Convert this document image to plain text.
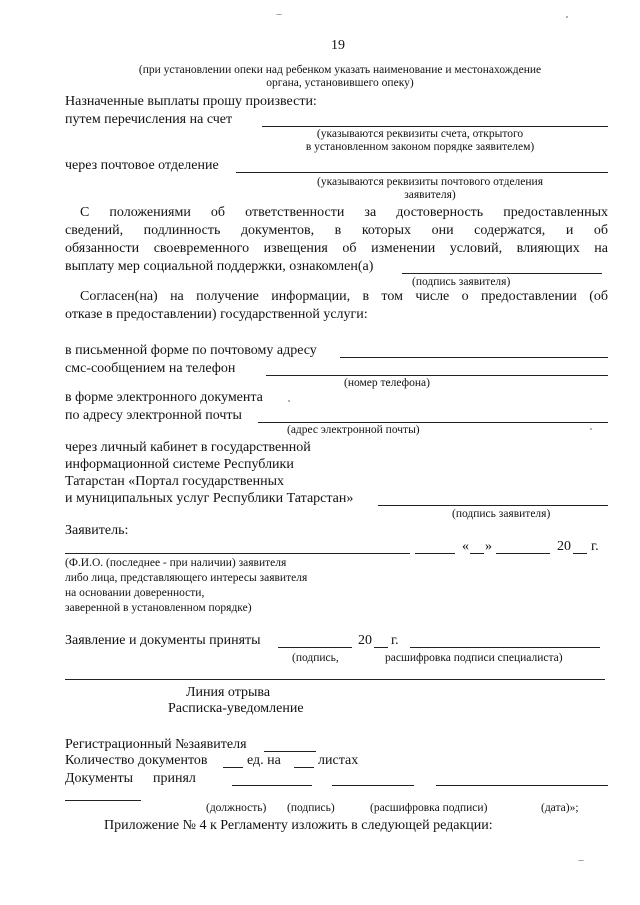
19
(при установлении опеки над ребенком указать наименование и местонахождение
органа, установившего опеку)
Назначенные выплаты прошу произвести:
путем перечисления на счет
(указываются реквизиты счета, открытого
в установленном законом порядке заявителем)
через почтовое отделение
(указываются реквизиты почтового отделения
заявителя)
С положениями об ответственности за достоверность предоставленных
сведений, подлинность документов, в которых они содержатся, и об
обязанности своевременного извещения об изменении условий, влияющих на
выплату мер социальной поддержки, ознакомлен(а)
(подпись заявителя)
Согласен(на) на получение информации, в том числе о предоставлении (об
отказе в предоставлении) государственной услуги:
в письменной форме по почтовому адресу
смс-сообщением на телефон
(номер телефона)
в форме электронного документа
по адресу электронной почты
(адрес электронной почты)
через личный кабинет в государственной
информационной системе Республики
Татарстан «Портал государственных
и муниципальных услуг Республики Татарстан»
(подпись заявителя)
Заявитель:
« »	20 г.
(Ф.И.О. (последнее - при наличии) заявителя
либо лица, представляющего интересы заявителя
на основании доверенности,
заверенной в установленном порядке)
Заявление и документы приняты	20 г.
(подпись,	расшифровка подписи специалиста)
Линия отрыва
Расписка-уведомление
Регистрационный №заявителя
Количество документов	ед. на	листах
Документы принял
(должность) (подпись)	(расшифровка подписи)	(дата)»;
Приложение № 4 к Регламенту изложить в следующей редакции:
